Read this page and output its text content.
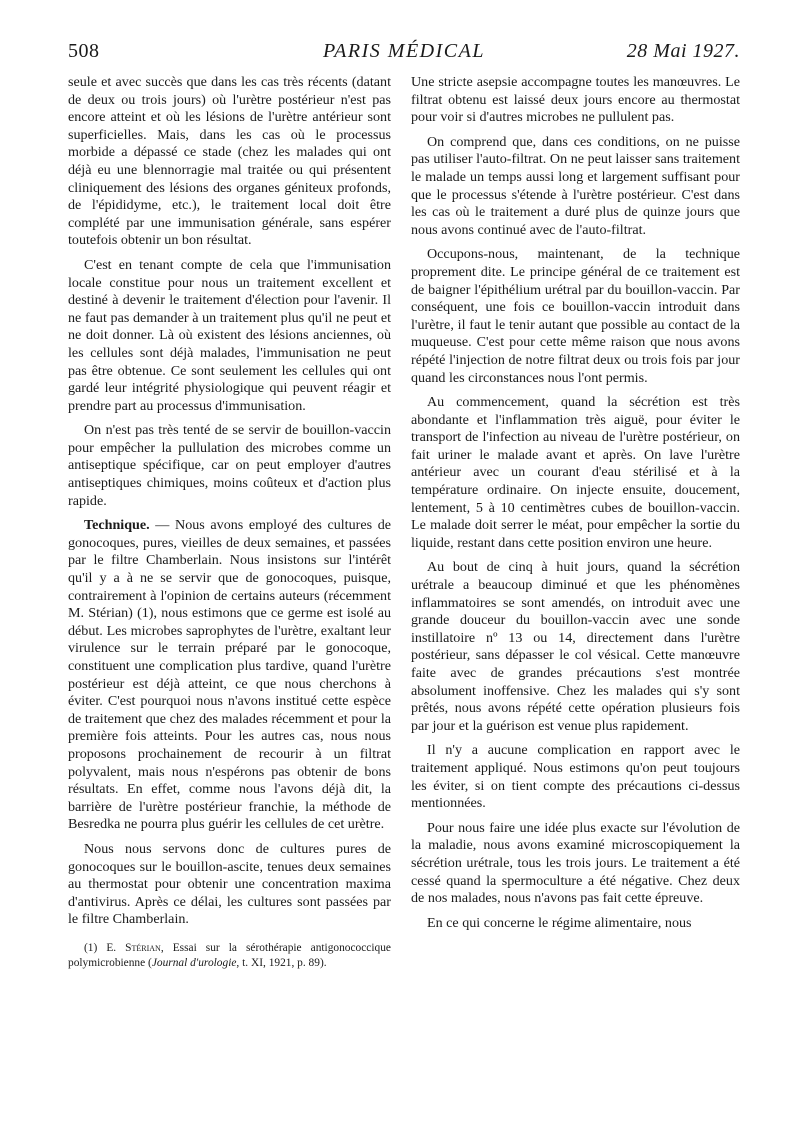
508	PARIS MÉDICAL	28 Mai 1927.

seule et avec succès que dans les cas très récents (datant de deux ou trois jours) où l'urètre postérieur n'est pas encore atteint et où les lésions de l'urètre antérieur sont superficielles. Mais, dans les cas où le processus morbide a dépassé ce stade (chez les malades qui ont déjà eu une blennorragie mal traitée ou qui présentent cliniquement des lésions des organes géniteux profonds, de l'épididyme, etc.), le traitement local doit être complété par une immunisation générale, sans espérer toutefois obtenir un bon résultat.

C'est en tenant compte de cela que l'immunisation locale constitue pour nous un traitement excellent et destiné à devenir le traitement d'élection pour l'avenir. Il ne faut pas demander à un traitement plus qu'il ne peut et ne doit donner. Là où existent des lésions anciennes, où les cellules sont déjà malades, l'immunisation ne peut pas être obtenue. Ce sont seulement les cellules qui ont gardé leur intégrité physiologique qui peuvent réagir et prendre part au processus d'immunisation.

On n'est pas très tenté de se servir de bouillon-vaccin pour empêcher la pullulation des microbes comme un antiseptique spécifique, car on peut employer d'autres antiseptiques chimiques, moins coûteux et d'action plus rapide.

Technique. — Nous avons employé des cultures de gonocoques, pures, vieilles de deux semaines, et passées par le filtre Chamberlain. Nous insistons sur l'intérêt qu'il y a à ne se servir que de gonocoques, puisque, contrairement à l'opinion de certains auteurs (récemment M. Stérian) (1), nous estimons que ce germe est isolé au début. Les microbes saprophytes de l'urètre, exaltant leur virulence sur le terrain préparé par le gonocoque, constituent une complication plus tardive, quand l'urètre postérieur est déjà atteint, ce que nous cherchons à éviter. C'est pourquoi nous n'avons institué cette espèce de traitement que chez des malades récemment et pour la première fois atteints. Pour les autres cas, nous nous proposons prochainement de recourir à un filtrat polyvalent, mais nous n'espérons pas obtenir de bons résultats. En effet, comme nous l'avons déjà dit, la barrière de l'urètre postérieur franchie, la méthode de Besredka ne pourra plus guérir les cellules de cet urètre.

Nous nous servons donc de cultures pures de gonocoques sur le bouillon-ascite, tenues deux semaines au thermostat pour obtenir une concentration maxima d'antivirus. Après ce délai, les cultures sont passées par le filtre Chamberlain.

(1) E. Stérian, Essai sur la sérothérapie antigonococcique polymicrobienne (Journal d'urologie, t. XI, 1921, p. 89).

Une stricte asepsie accompagne toutes les manœuvres. Le filtrat obtenu est laissé deux jours encore au thermostat pour voir si d'autres microbes ne pullulent pas.

On comprend que, dans ces conditions, on ne puisse pas utiliser l'auto-filtrat. On ne peut laisser sans traitement le malade un temps aussi long et largement suffisant pour que le processus s'étende à l'urètre postérieur. C'est dans les cas où le traitement a duré plus de quinze jours que nous avons continué avec de l'auto-filtrat.

Occupons-nous, maintenant, de la technique proprement dite. Le principe général de ce traitement est de baigner l'épithélium urétral par du bouillon-vaccin. Par conséquent, une fois ce bouillon-vaccin introduit dans l'urètre, il faut le tenir autant que possible au contact de la muqueuse. C'est pour cette même raison que nous avons répété l'injection de notre filtrat deux ou trois fois par jour quand les circonstances nous l'ont permis.

Au commencement, quand la sécrétion est très abondante et l'inflammation très aiguë, pour éviter le transport de l'infection au niveau de l'urètre postérieur, on fait uriner le malade avant et après. On lave l'urètre antérieur avec un courant d'eau stérilisé et à la température ordinaire. On injecte ensuite, doucement, lentement, 5 à 10 centimètres cubes de bouillon-vaccin. Le malade doit serrer le méat, pour empêcher la sortie du liquide, restant dans cette position environ une heure.

Au bout de cinq à huit jours, quand la sécrétion urétrale a beaucoup diminué et que les phénomènes inflammatoires se sont amendés, on introduit avec une grande douceur du bouillon-vaccin avec une sonde instillatoire nº 13 ou 14, directement dans l'urètre postérieur, sans dépasser le col vésical. Cette manœuvre faite avec de grandes précautions s'est montrée absolument inoffensive. Chez les malades qui s'y sont prêtés, nous avons répété cette opération plusieurs fois par jour et la guérison est venue plus rapidement.

Il n'y a aucune complication en rapport avec le traitement appliqué. Nous estimons qu'on peut toujours les éviter, si on tient compte des précautions ci-dessus mentionnées.

Pour nous faire une idée plus exacte sur l'évolution de la maladie, nous avons examiné microscopiquement la sécrétion urétrale, tous les trois jours. Le traitement a été cessé quand la spermoculture a été négative. Chez deux de nos malades, nous n'avons pas fait cette épreuve.

En ce qui concerne le régime alimentaire, nous
